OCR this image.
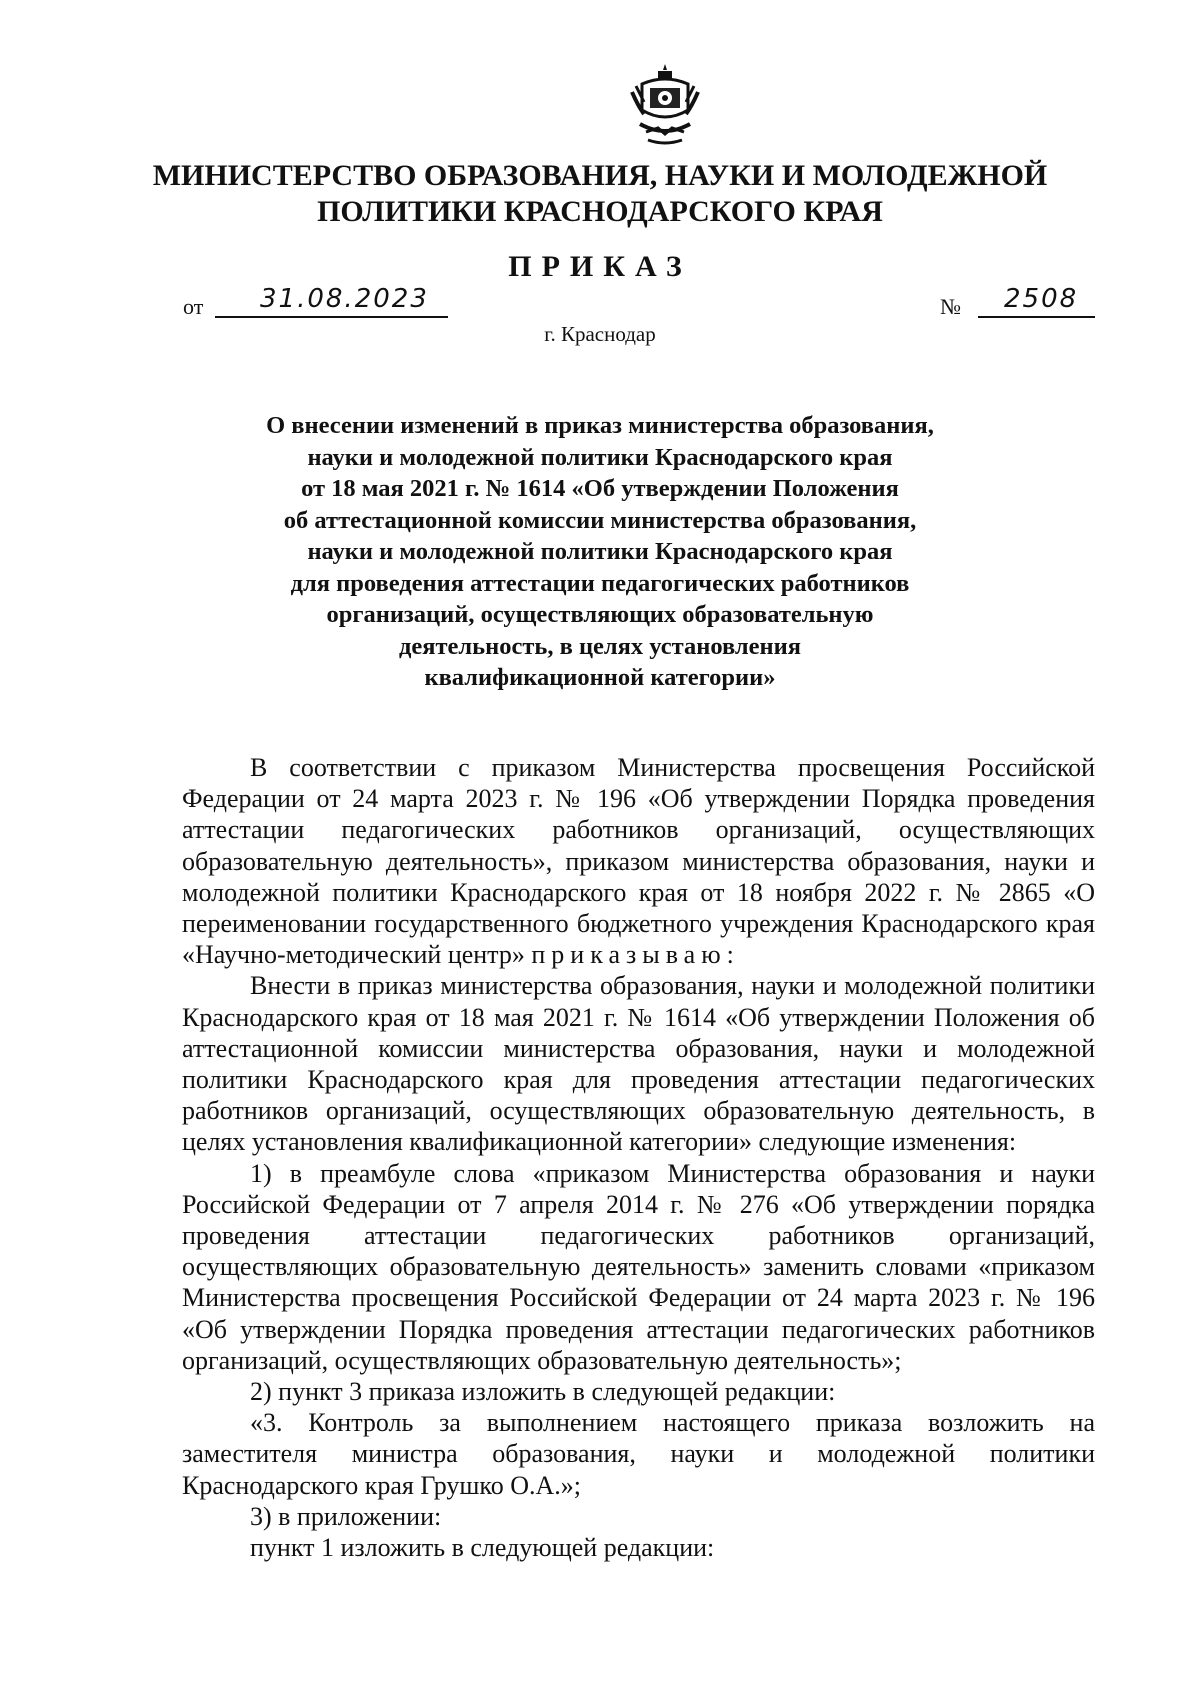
МИНИСТЕРСТВО ОБРАЗОВАНИЯ, НАУКИ И МОЛОДЕЖНОЙ
ПОЛИТИКИ КРАСНОДАРСКОГО КРАЯ
ПРИКАЗ
от 31.08.2023	№ 2508
г. Краснодар
О внесении изменений в приказ министерства образования,
науки и молодежной политики Краснодарского края
от 18 мая 2021 г. № 1614 «Об утверждении Положения
об аттестационной комиссии министерства образования,
науки и молодежной политики Краснодарского края
для проведения аттестации педагогических работников
организаций, осуществляющих образовательную
деятельность, в целях установления
квалификационной категории»

В соответствии с приказом Министерства просвещения Российской Федерации от 24 марта 2023 г. № 196 «Об утверждении Порядка проведения аттестации педагогических работников организаций, осуществляющих образовательную деятельность», приказом министерства образования, науки и молодежной политики Краснодарского края от 18 ноября 2022 г. № 2865 «О переименовании государственного бюджетного учреждения Краснодарского края «Научно-методический центр» приказываю:

Внести в приказ министерства образования, науки и молодежной политики Краснодарского края от 18 мая 2021 г. № 1614 «Об утверждении Положения об аттестационной комиссии министерства образования, науки и молодежной политики Краснодарского края для проведения аттестации педагогических работников организаций, осуществляющих образовательную деятельность, в целях установления квалификационной категории» следующие изменения:

1) в преамбуле слова «приказом Министерства образования и науки Российской Федерации от 7 апреля 2014 г. № 276 «Об утверждении порядка проведения аттестации педагогических работников организаций, осуществляющих образовательную деятельность» заменить словами «приказом Министерства просвещения Российской Федерации от 24 марта 2023 г. № 196 «Об утверждении Порядка проведения аттестации педагогических работников организаций, осуществляющих образовательную деятельность»;

2) пункт 3 приказа изложить в следующей редакции:

«3. Контроль за выполнением настоящего приказа возложить на заместителя министра образования, науки и молодежной политики Краснодарского края Грушко О.А.»;

3) в приложении:

пункт 1 изложить в следующей редакции:
